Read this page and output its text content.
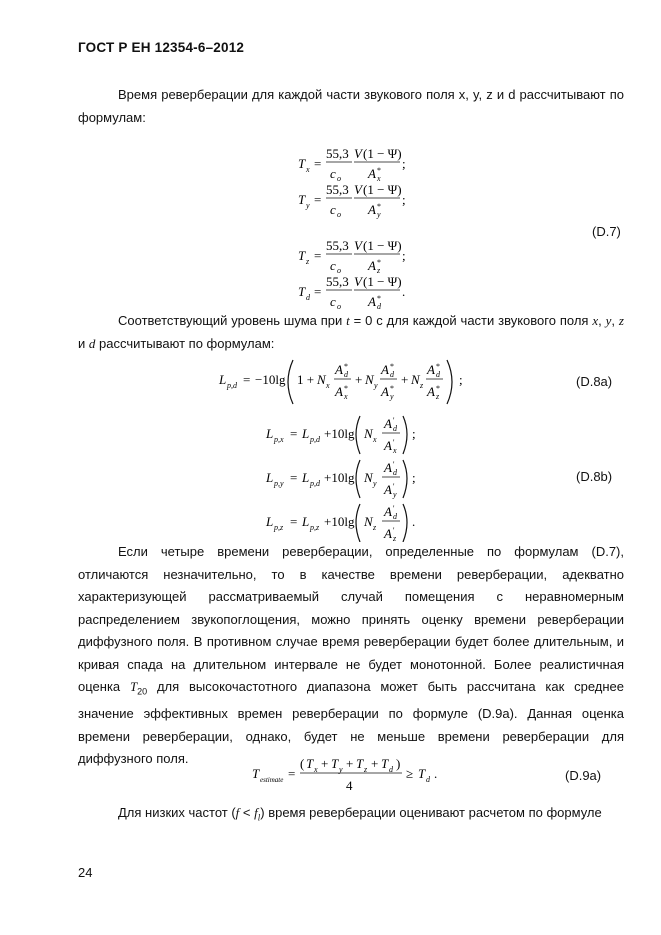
ГОСТ Р ЕН 12354-6–2012
Время реверберации для каждой части звукового поля x, y, z и d рассчитывают по формулам:
T x =
55,3
c o
V (1 − Ψ)
A *
x
;
T y =
55,3
c o
V (1 − Ψ)
A *
y
;
T z =
55,3
c o
V (1 − Ψ)
A *
z
;
T d =
55,3
c o
V (1 − Ψ)
A *
d
.
(D.7)
Соответствующий уровень шума при t = 0 с для каждой части звукового поля x, y, z и d рассчитывают по формулам:
L p,d = −10lg 1 + N x
A *
d
A *
x
+ N y
A *
d
A *
y
+ N z
A *
d
A *
z
;	(D.8a)
L p,x = L p,d +10lg N x
A '
d
A '
x
;
L p,y = L p,d +10lg N y
A '
d
A '
y
;
L p,z = L p,z +10lg N z
A '
d
A '
z
.
(D.8b)
Если четыре времени реверберации, определенные по формулам (D.7), отличаются незначительно, то в качестве времени реверберации, адекватно характеризующей рассматриваемый случай помещения с неравномерным распределением звукопоглощения, можно принять оценку времени реверберации диффузного поля. В противном случае время реверберации будет более длительным, и кривая спада на длительном интервале не будет монотонной. Более реалистичная оценка $T_{20}$ для высокочастотного диапазона может быть рассчитана как среднее значение эффективных времен реверберации по формуле (D.9а). Данная оценка времени реверберации, однако, будет не меньше времени реверберации для диффузного поля.
T estimate =
( T x + T y + T z + T d )
4
≥ T d .	(D.9a)
Для низких частот $(f < f_l)$ время реверберации оценивают расчетом по формуле
24
